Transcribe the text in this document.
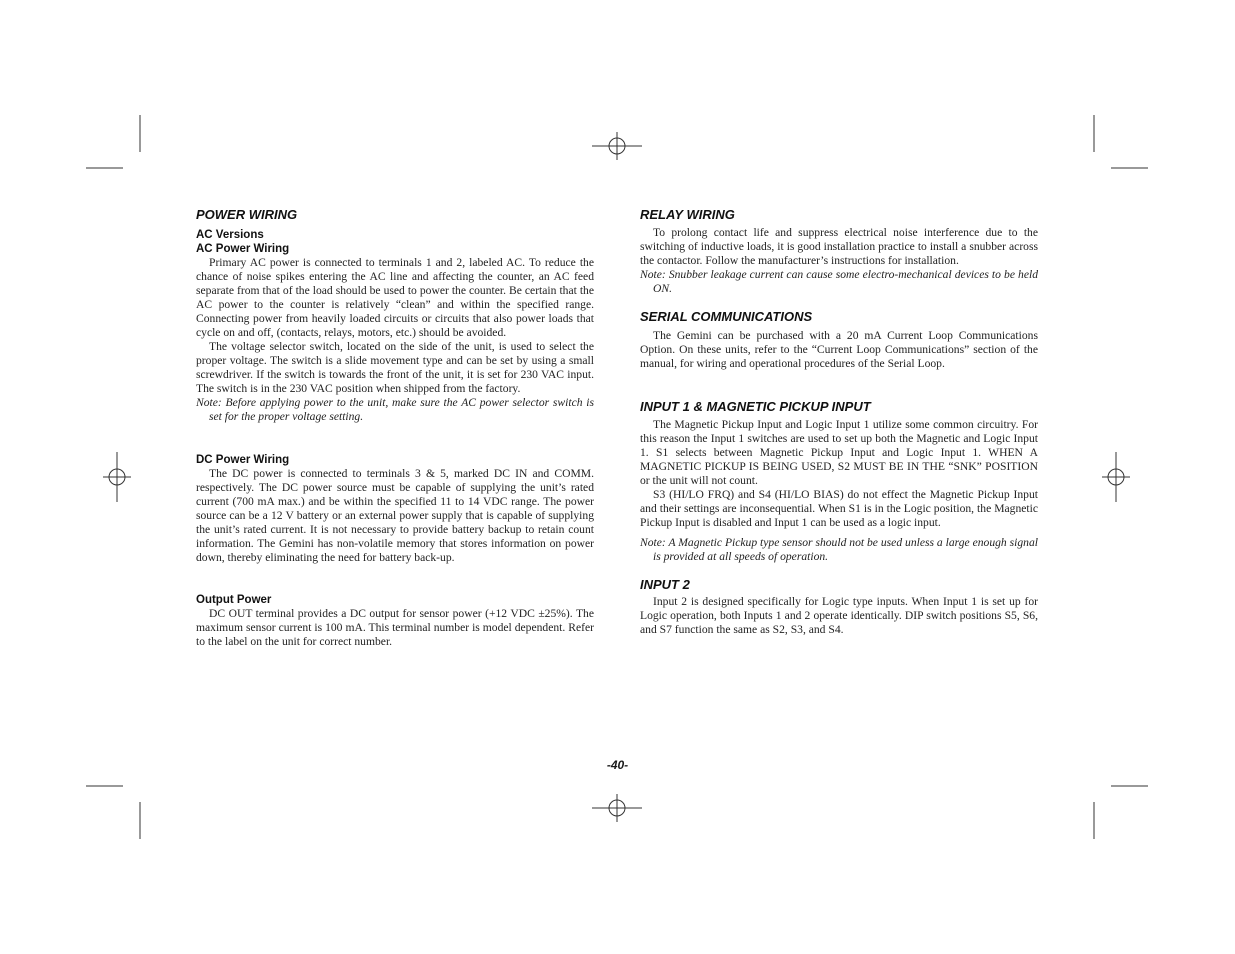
POWER WIRING
AC Versions
AC Power Wiring

Primary AC power is connected to terminals 1 and 2, labeled AC. To reduce the chance of noise spikes entering the AC line and affecting the counter, an AC feed separate from that of the load should be used to power the counter. Be certain that the AC power to the counter is relatively “clean” and within the specified range. Connecting power from heavily loaded circuits or circuits that also power loads that cycle on and off, (contacts, relays, motors, etc.) should be avoided.

The voltage selector switch, located on the side of the unit, is used to select the proper voltage. The switch is a slide movement type and can be set by using a small screwdriver. If the switch is towards the front of the unit, it is set for 230 VAC input. The switch is in the 230 VAC position when shipped from the factory.

Note: Before applying power to the unit, make sure the AC power selector switch is set for the proper voltage setting.

DC Power Wiring

The DC power is connected to terminals 3 & 5, marked DC IN and COMM. respectively. The DC power source must be capable of supplying the unit’s rated current (700 mA max.) and be within the specified 11 to 14 VDC range. The power source can be a 12 V battery or an external power supply that is capable of supplying the unit’s rated current. It is not necessary to provide battery backup to retain count information. The Gemini has non-volatile memory that stores information on power down, thereby eliminating the need for battery back-up.

Output Power

DC OUT terminal provides a DC output for sensor power (+12 VDC ±25%). The maximum sensor current is 100 mA. This terminal number is model dependent. Refer to the label on the unit for correct number.

RELAY WIRING

To prolong contact life and suppress electrical noise interference due to the switching of inductive loads, it is good installation practice to install a snubber across the contactor. Follow the manufacturer’s instructions for installation.

Note: Snubber leakage current can cause some electro-mechanical devices to be held ON.

SERIAL COMMUNICATIONS

The Gemini can be purchased with a 20 mA Current Loop Communications Option. On these units, refer to the “Current Loop Communications” section of the manual, for wiring and operational procedures of the Serial Loop.

INPUT 1 & MAGNETIC PICKUP INPUT

The Magnetic Pickup Input and Logic Input 1 utilize some common circuitry. For this reason the Input 1 switches are used to set up both the Magnetic and Logic Input 1. S1 selects between Magnetic Pickup Input and Logic Input 1. WHEN A MAGNETIC PICKUP IS BEING USED, S2 MUST BE IN THE “SNK” POSITION or the unit will not count.

S3 (HI/LO FRQ) and S4 (HI/LO BIAS) do not effect the Magnetic Pickup Input and their settings are inconsequential. When S1 is in the Logic position, the Magnetic Pickup Input is disabled and Input 1 can be used as a logic input.

Note: A Magnetic Pickup type sensor should not be used unless a large enough signal is provided at all speeds of operation.

INPUT 2

Input 2 is designed specifically for Logic type inputs. When Input 1 is set up for Logic operation, both Inputs 1 and 2 operate identically. DIP switch positions S5, S6, and S7 function the same as S2, S3, and S4.

-40-
